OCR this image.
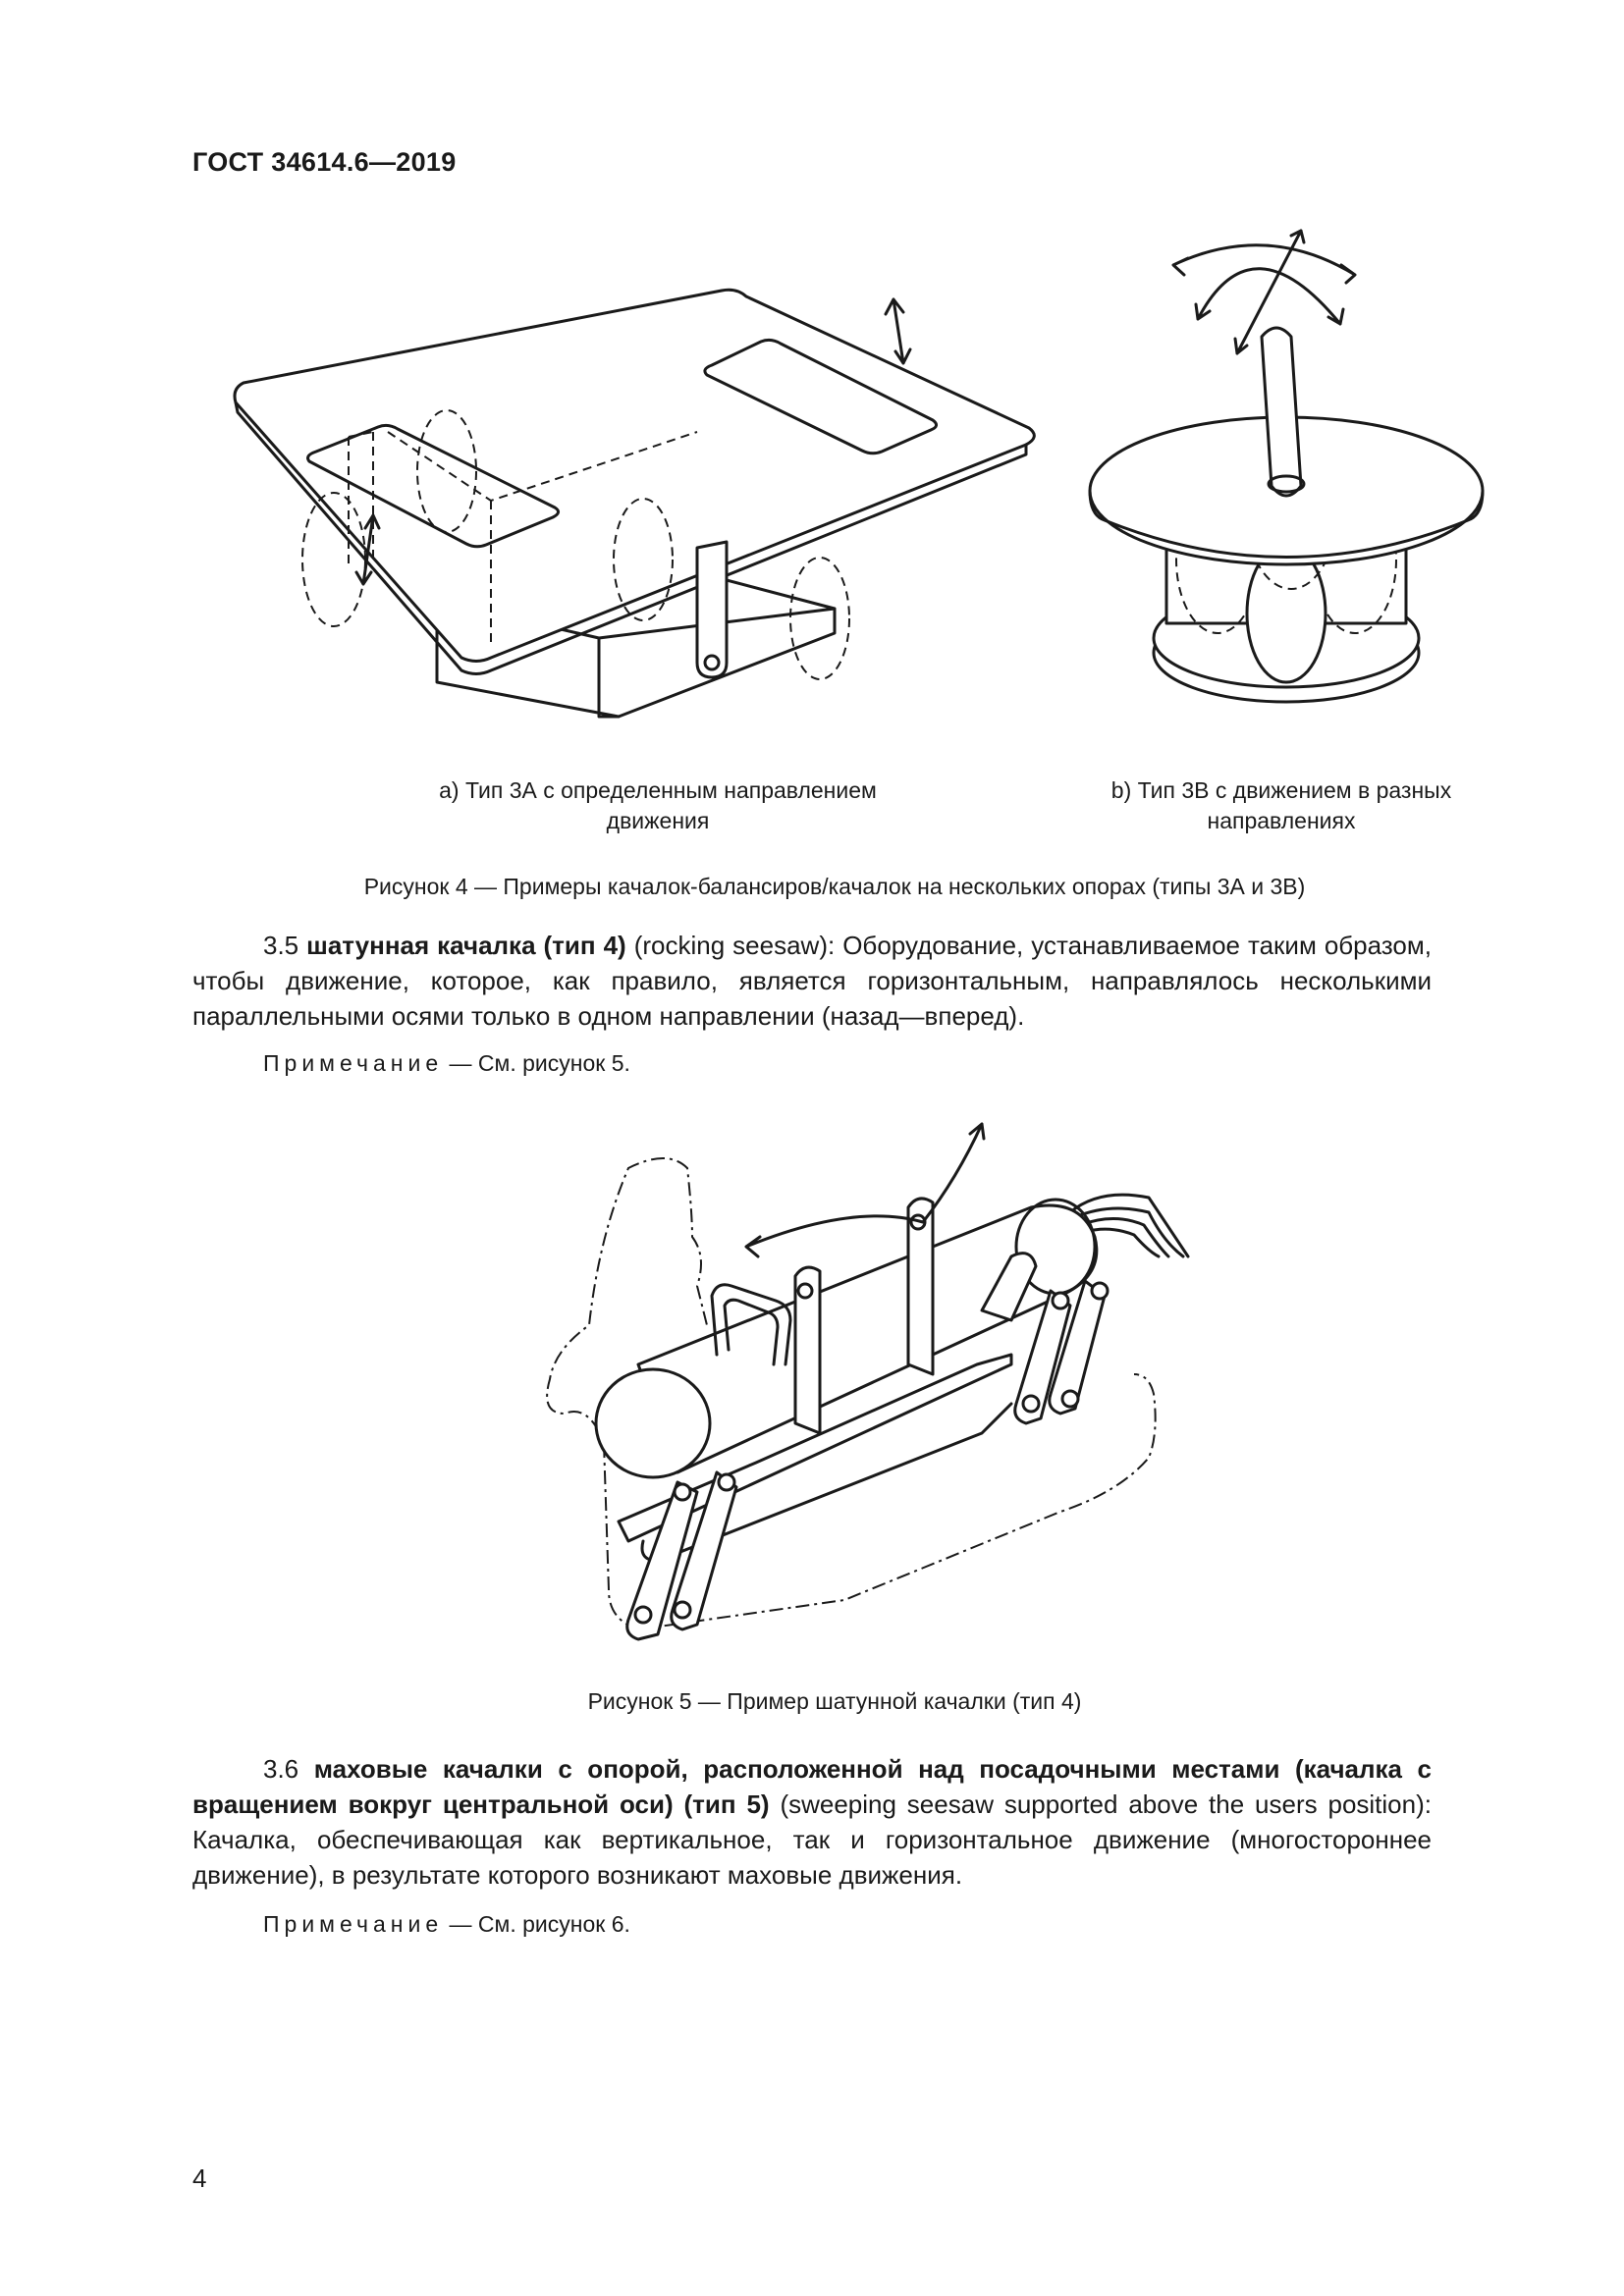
ГОСТ 34614.6—2019
a) Тип 3А с определенным направлением движения
b) Тип 3В с движением в разных направлениях
Рисунок 4 — Примеры качалок-балансиров/качалок на нескольких опорах (типы 3А и 3В)
3.5 шатунная качалка (тип 4) (rocking seesaw): Оборудование, устанавливаемое таким образом, чтобы движение, которое, как правило, является горизонтальным, направлялось несколькими параллельными осями только в одном направлении (назад—вперед).
Примечание — См. рисунок 5.
Рисунок 5 — Пример шатунной качалки (тип 4)
3.6 маховые качалки с опорой, расположенной над посадочными местами (качалка с вращением вокруг центральной оси) (тип 5) (sweeping seesaw supported above the users position): Качалка, обеспечивающая как вертикальное, так и горизонтальное движение (многостороннее движение), в результате которого возникают маховые движения.
Примечание — См. рисунок 6.
4
